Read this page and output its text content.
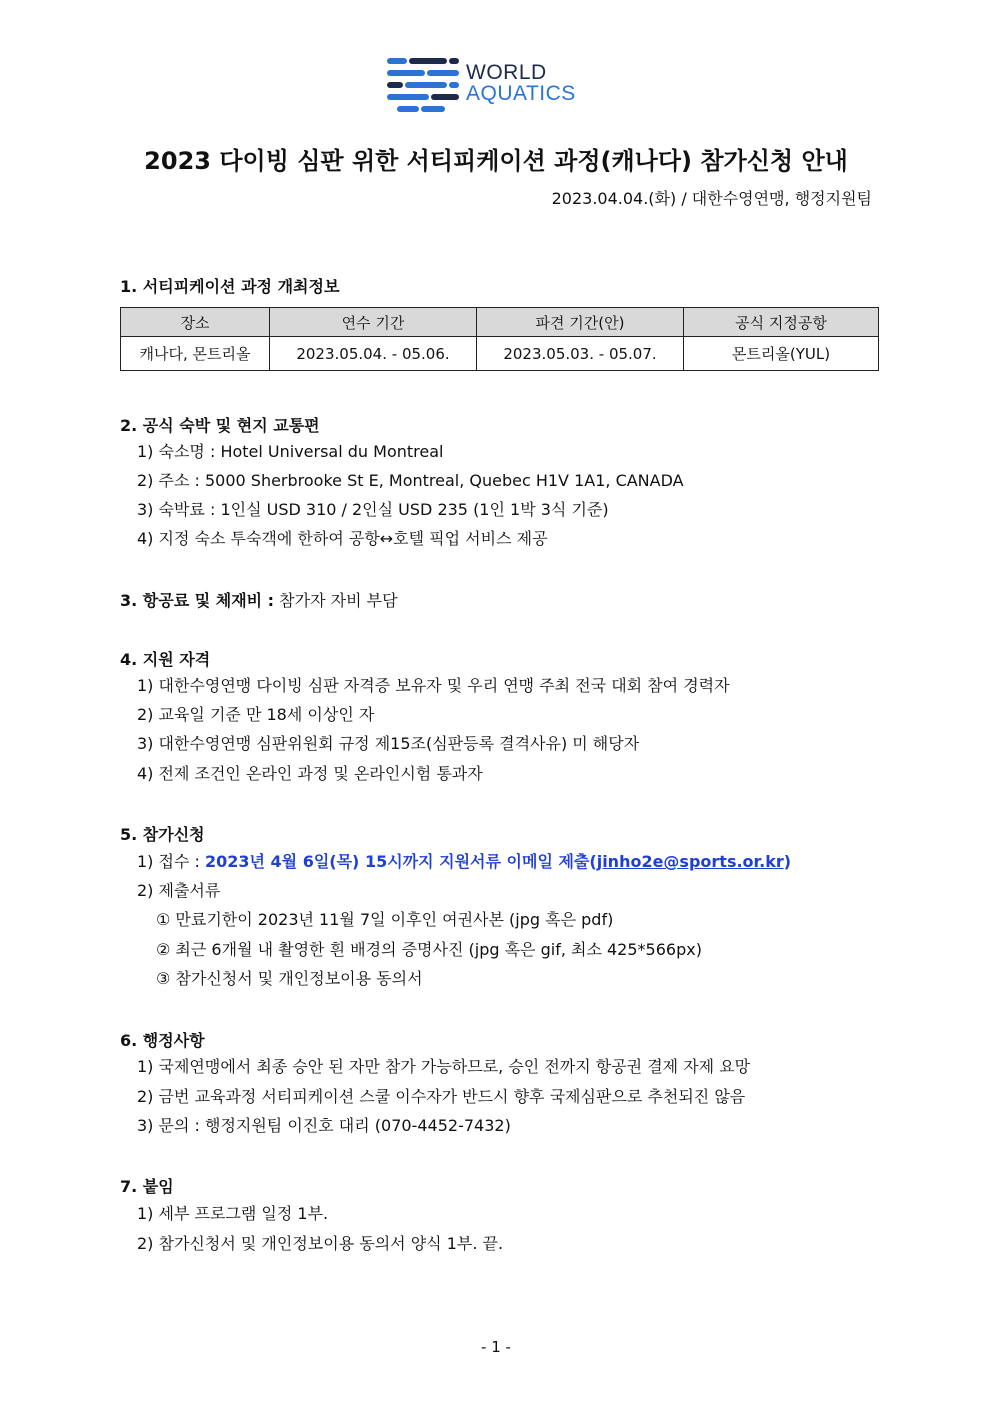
WORLD
AQUATICS
2023 다이빙 심판 위한 서티피케이션 과정(캐나다) 참가신청 안내
2023.04.04.(화) / 대한수영연맹, 행정지원팀
1. 서티피케이션 과정 개최정보
장소	연수 기간	파견 기간(안)	공식 지정공항
캐나다, 몬트리올	2023.05.04. - 05.06.	2023.05.03. - 05.07.	몬트리올(YUL)
2. 공식 숙박 및 현지 교통편
1) 숙소명 : Hotel Universal du Montreal
2) 주소 : 5000 Sherbrooke St E, Montreal, Quebec H1V 1A1, CANADA
3) 숙박료 : 1인실 USD 310 / 2인실 USD 235 (1인 1박 3식 기준)
4) 지정 숙소 투숙객에 한하여 공항↔호텔 픽업 서비스 제공
3. 항공료 및 체재비 : 참가자 자비 부담
4. 지원 자격
1) 대한수영연맹 다이빙 심판 자격증 보유자 및 우리 연맹 주최 전국 대회 참여 경력자
2) 교육일 기준 만 18세 이상인 자
3) 대한수영연맹 심판위원회 규정 제15조(심판등록 결격사유) 미 해당자
4) 전제 조건인 온라인 과정 및 온라인시험 통과자
5. 참가신청
1) 접수 : 2023년 4월 6일(목) 15시까지 지원서류 이메일 제출(jinho2e@sports.or.kr)
2) 제출서류
① 만료기한이 2023년 11월 7일 이후인 여권사본 (jpg 혹은 pdf)
② 최근 6개월 내 촬영한 흰 배경의 증명사진 (jpg 혹은 gif, 최소 425*566px)
③ 참가신청서 및 개인정보이용 동의서
6. 행정사항
1) 국제연맹에서 최종 승안 된 자만 참가 가능하므로, 승인 전까지 항공권 결제 자제 요망
2) 금번 교육과정 서티피케이션 스쿨 이수자가 반드시 향후 국제심판으로 추천되진 않음
3) 문의 : 행정지원팀 이진호 대리 (070-4452-7432)
7. 붙임
1) 세부 프로그램 일정 1부.
2) 참가신청서 및 개인정보이용 동의서 양식 1부. 끝.
- 1 -
